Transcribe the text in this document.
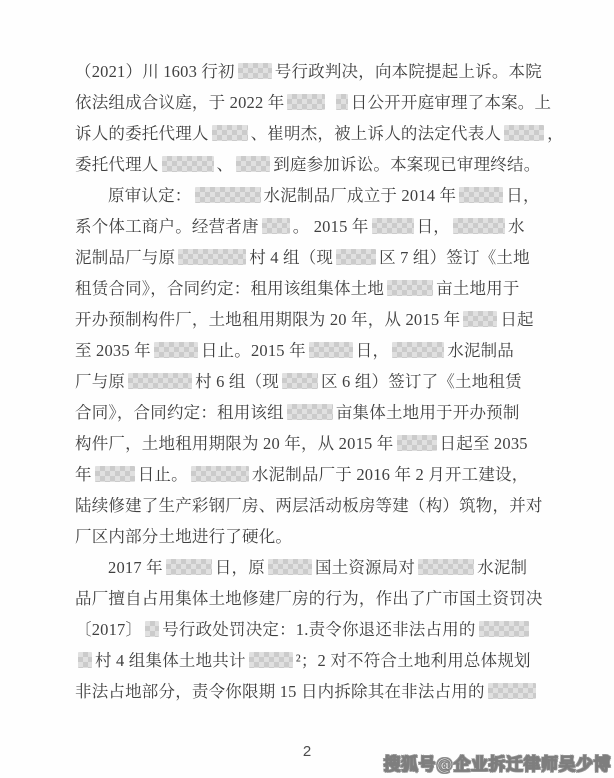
（2021）川 1603 行初 号行政判决，向本院提起上诉。本院
依法组成合议庭，于 2022 年	日公开开庭审理了本案。上
诉人的委托代理人	、崔明杰，被上诉人的法定代表人	，
委托代理人	、 到庭参加诉讼。本案现已审理终结。
原审认定：	水泥制品厂成立于 2014 年	日，
系个体工商户。经营者唐 。 2015 年	日，	水
泥制品厂与原	村 4 组（现	区 7 组）签订《土地
租赁合同》，合同约定：租用该组集体土地	亩土地用于
开办预制构件厂，土地租用期限为 20 年，从 2015 年 日起
至 2035 年	日止。2015 年	日，	水泥制品
厂与原	村 6 组（现	区 6 组）签订了《土地租赁
合同》，合同约定：租用该组	亩集体土地用于开办预制
构件厂，土地租用期限为 20 年，从 2015 年	日起至 2035
年	日止。	水泥制品厂于 2016 年 2 月开工建设，
陆续修建了生产彩钢厂房、两层活动板房等建（构）筑物，并对
厂区内部分土地进行了硬化。
2017 年	日，原	国土资源局对	水泥制
品厂擅自占用集体土地修建厂房的行为，作出了广市国土资罚决
〔2017〕 号行政处罚决定：1.责令你退还非法占用的
村 4 组集体土地共计	²；2 对不符合土地利用总体规划
非法占地部分，责令你限期 15 日内拆除其在非法占用的
2
搜狐号@企业拆迁律师吴少博
